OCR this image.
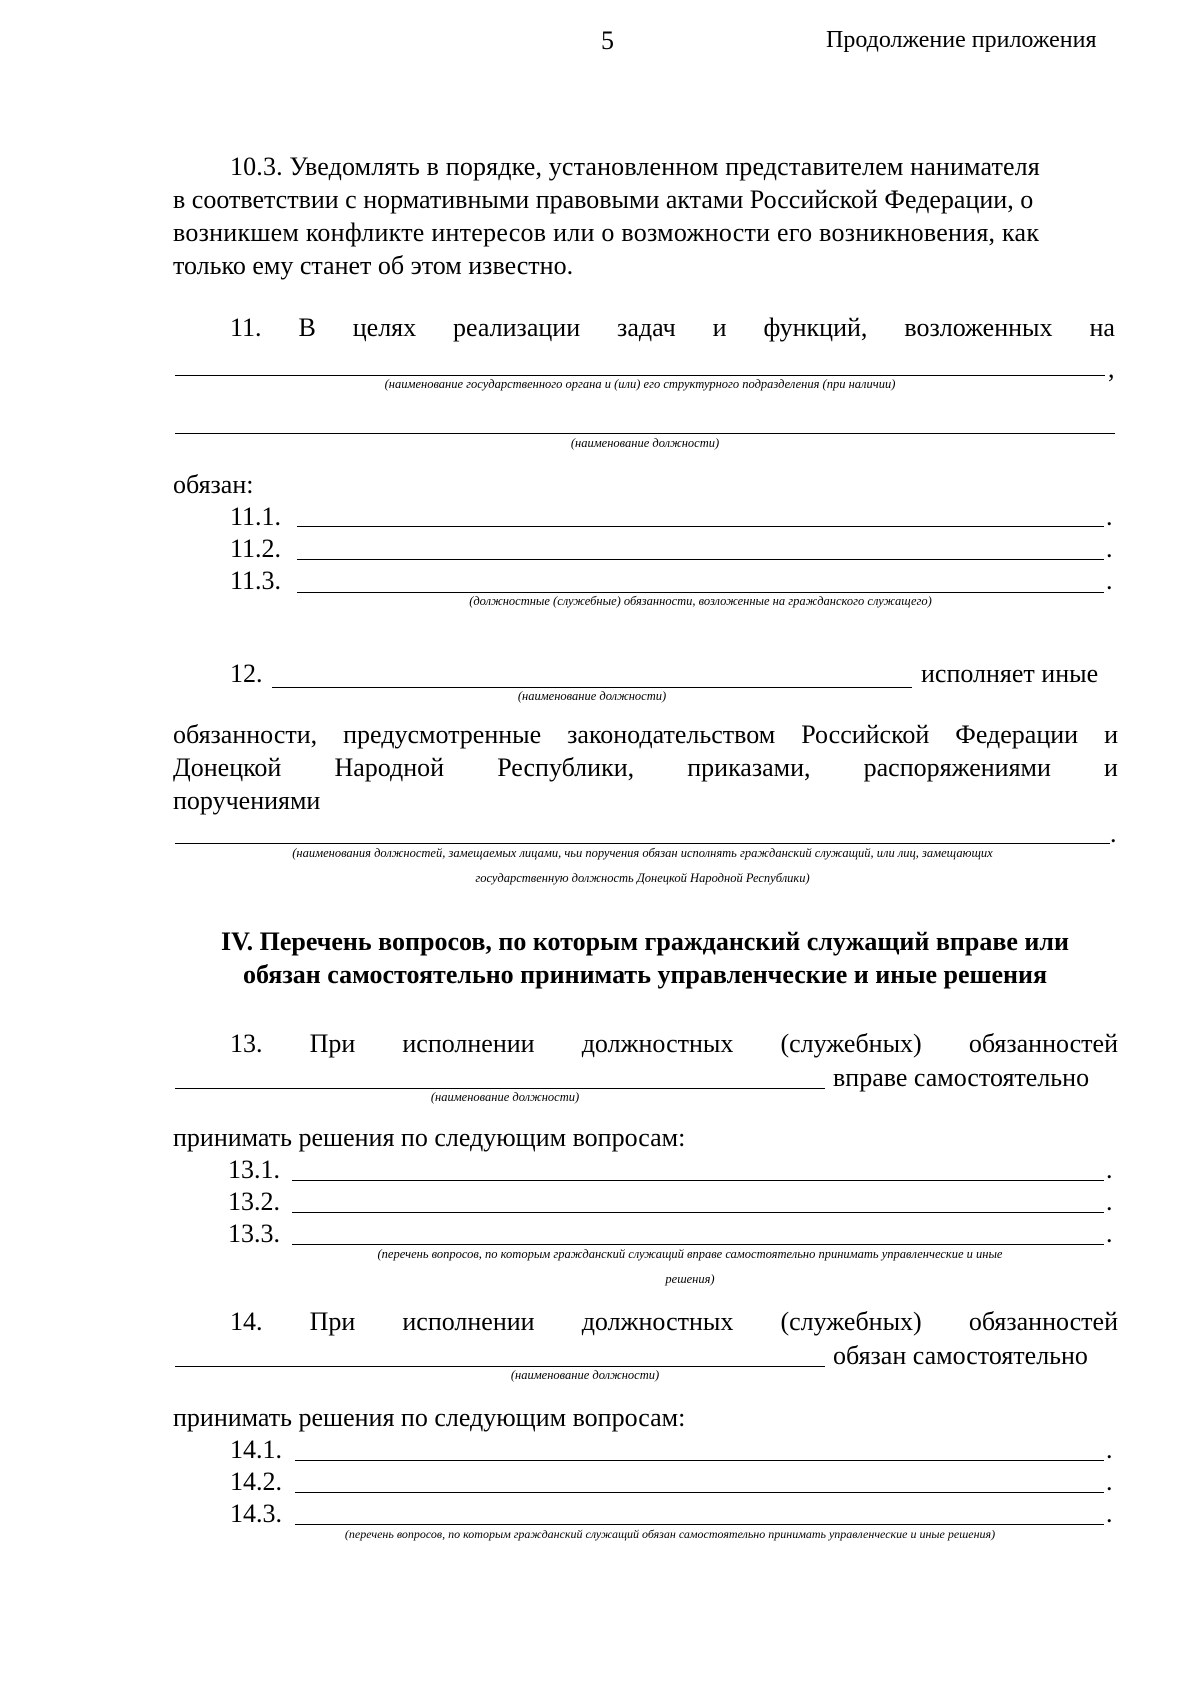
5	Продолжение приложения
10.3. Уведомлять в порядке, установленном представителем нанимателя
в соответствии с нормативными правовыми актами Российской Федерации, о
возникшем конфликте интересов или о возможности его возникновения, как
только ему станет об этом известно.
11. В целях реализации задач и функций, возложенных на
,
(наименование государственного органа и (или) его структурного подразделения (при наличии)
(наименование должности)
обязан:
11.1.	.
11.2.	.
11.3.	.
(должностные (служебные) обязанности, возложенные на гражданского служащего)
12.	исполняет иные
(наименование должности)
обязанности, предусмотренные законодательством Российской Федерации и
Донецкой Народной Республики, приказами, распоряжениями и
поручениями
.
(наименования должностей, замещаемых лицами, чьи поручения обязан исполнять гражданский служащий, или лиц, замещающих
государственную должность Донецкой Народной Республики)
IV. Перечень вопросов, по которым гражданский служащий вправе или
обязан самостоятельно принимать управленческие и иные решения
13. При исполнении должностных (служебных) обязанностей
вправе самостоятельно
(наименование должности)
принимать решения по следующим вопросам:
13.1.	.
13.2.	.
13.3.	.
(перечень вопросов, по которым гражданский служащий вправе самостоятельно принимать управленческие и иные
решения)
14. При исполнении должностных (служебных) обязанностей
обязан самостоятельно
(наименование должности)
принимать решения по следующим вопросам:
14.1.	.
14.2.	.
14.3.	.
(перечень вопросов, по которым гражданский служащий обязан самостоятельно принимать управленческие и иные решения)
